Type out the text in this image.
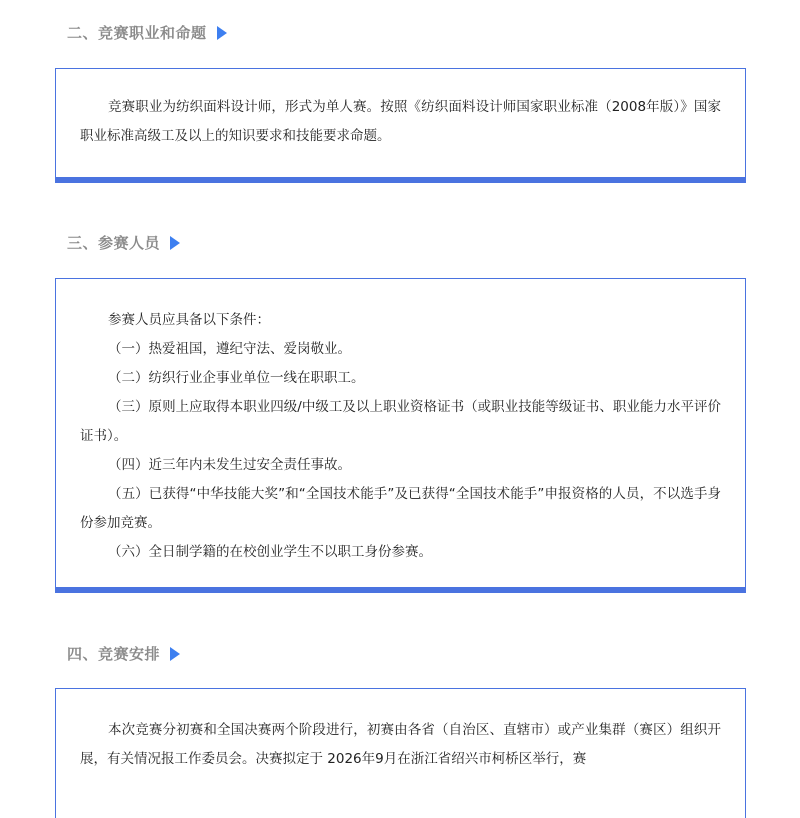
二、竞赛职业和命题

竞赛职业为纺织面料设计师，形式为单人赛。按照《纺织面料设计师国家职业标准（2008年版）》国家职业标准高级工及以上的知识要求和技能要求命题。

三、参赛人员

参赛人员应具备以下条件：

（一）热爱祖国，遵纪守法、爱岗敬业。

（二）纺织行业企事业单位一线在职职工。

（三）原则上应取得本职业四级/中级工及以上职业资格证书（或职业技能等级证书、职业能力水平评价证书）。

（四）近三年内未发生过安全责任事故。

（五）已获得“中华技能大奖”和“全国技术能手”及已获得“全国技术能手”申报资格的人员，不以选手身份参加竞赛。

（六）全日制学籍的在校创业学生不以职工身份参赛。

四、竞赛安排

本次竞赛分初赛和全国决赛两个阶段进行，初赛由各省（自治区、直辖市）或产业集群（赛区）组织开展，有关情况报工作委员会。决赛拟定于 2026年9月在浙江省绍兴市柯桥区举行，赛
